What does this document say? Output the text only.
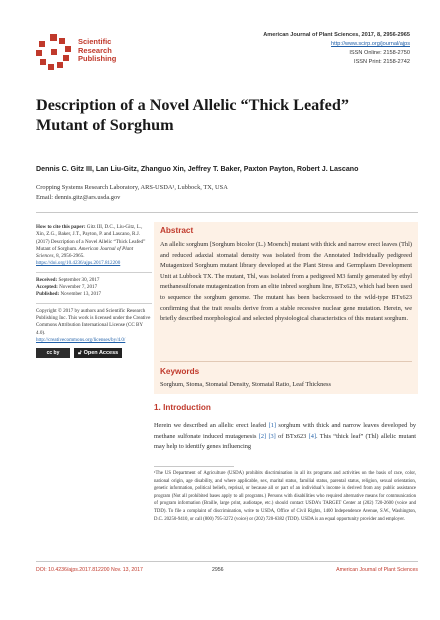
Scientific
Research
Publishing
American Journal of Plant Sciences, 2017, 8, 2956-2965
http://www.scirp.org/journal/ajps
ISSN Online: 2158-2750
ISSN Print: 2158-2742
Description of a Novel Allelic “Thick Leafed”
Mutant of Sorghum
Dennis C. Gitz III, Lan Liu-Gitz, Zhanguo Xin, Jeffrey T. Baker, Paxton Payton, Robert J. Lascano
Cropping Systems Research Laboratory, ARS-USDA¹, Lubbock, TX, USA
Email: dennis.gitz@ars.usda.gov

How to cite this paper: Gitz III, D.C., Liu-Gitz, L., Xin, Z.G., Baker, J.T., Payton, P. and Lascano, R.J. (2017) Description of a Novel Allelic “Thick Leafed” Mutant of Sorghum. American Journal of Plant Sciences, 8, 2956-2965.

https://doi.org/10.4236/ajps.2017.812200

Received: September 30, 2017

Accepted: November 7, 2017

Published: November 13, 2017

Copyright © 2017 by authors and Scientific Research Publishing Inc. This work is licensed under the Creative Commons Attribution International License (CC BY 4.0).

http://creativecommons.org/licenses/by/4.0/

cc by	🔓︎ Open Access
Abstract
An allelic sorghum [Sorghum bicolor (L.) Moench] mutant with thick and narrow erect leaves (Thl) and reduced adaxial stomatal density was isolated from the Annotated Individually pedigreed Mutagenized Sorghum mutant library developed at the Plant Stress and Germplasm Development Unit at Lubbock TX. The mutant, Thl, was isolated from a pedigreed M3 family generated by ethyl methanesulfonate mutagenization from an elite inbred sorghum line, BTx623, which had been used to sequence the sorghum genome. The mutant has been backcrossed to the wild-type BTx623 confirming that the trait results derive from a stable recessive nuclear gene mutation. Herein, we briefly described morphological and selected physiological characteristics of this mutant sorghum.
Keywords
Sorghum, Stoma, Stomatal Density, Stomatal Ratio, Leaf Thickness
1. Introduction
Herein we described an allelic erect leafed [1] sorghum with thick and narrow leaves developed by methane sulfonate induced mutagenesis [2] [3] of BTx623 [4]. This “thick leaf” (Thl) allelic mutant may help to identify genes influencing
¹The US Department of Agriculture (USDA) prohibits discrimination in all its programs and activities on the basis of race, color, national origin, age disability, and where applicable, sex, marital status, familial status, parental status, religion, sexual orientation, genetic information, political beliefs, reprisal, or because all or part of an individual’s income is derived from any public assistance program (Not all prohibited bases apply to all programs.) Persons with disabilities who required alternative means for communication of program information (Braille, large print, audiotape, etc.) should contact USDA’s TARGET Center at (202) 720-2600 (voice and TDD). To file a complaint of discrimination, write to USDA, Office of Civil Rights, 1400 Independence Avenue, S.W., Washington, D.C. 20250-9410, or call (800) 795-3272 (voice) or (202) 720-6382 (TDD). USDA is an equal opportunity provider and employer.
DOI: 10.4236/ajps.2017.812200 Nov. 13, 2017	2956	American Journal of Plant Sciences
